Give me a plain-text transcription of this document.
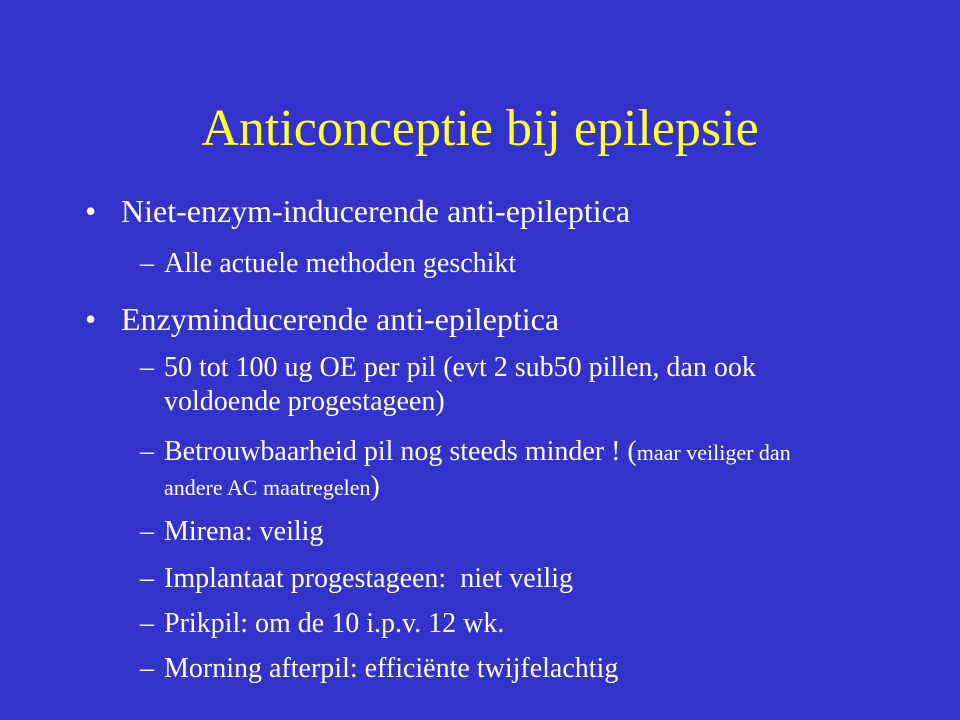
Anticonceptie bij epilepsie
• Niet-enzym-inducerende anti-epileptica
– Alle actuele methoden geschikt
• Enzyminducerende anti-epileptica
– 50 tot 100 ug OE per pil (evt 2 sub50 pillen, dan ook
voldoende progestageen)
– Betrouwbaarheid pil nog steeds minder ! (maar veiliger dan
andere AC maatregelen)
– Mirena: veilig
– Implantaat progestageen:  niet veilig
– Prikpil: om de 10 i.p.v. 12 wk.
– Morning afterpil: efficiënte twijfelachtig
